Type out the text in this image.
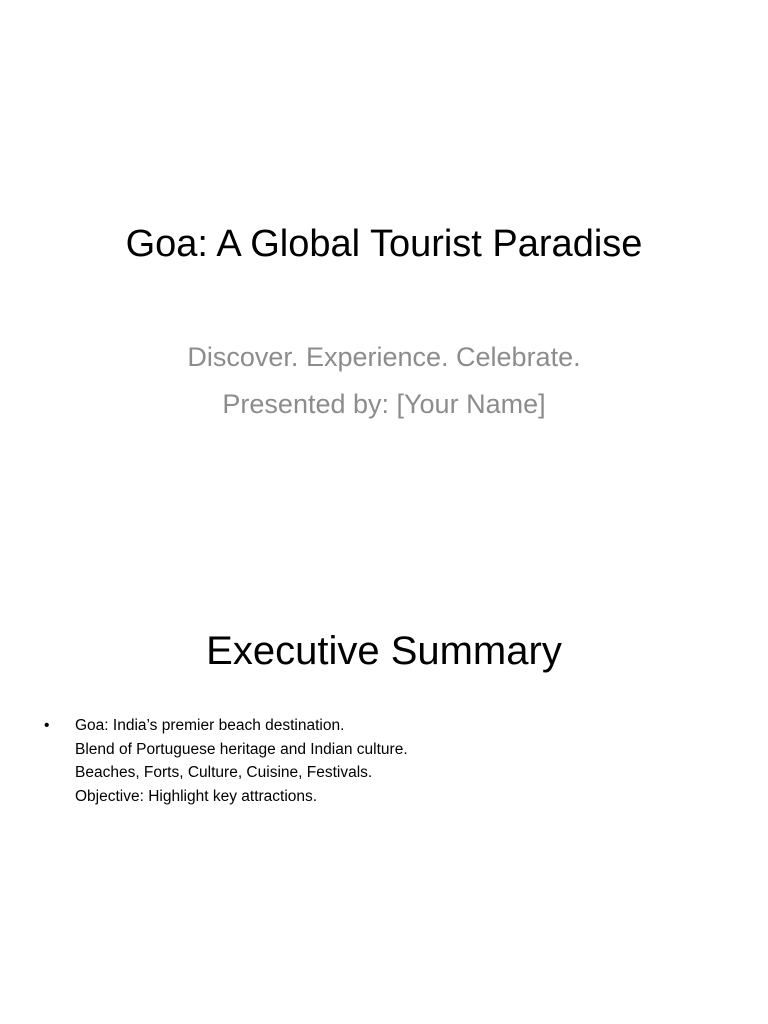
Goa: A Global Tourist Paradise
Discover. Experience. Celebrate.
Presented by: [Your Name]
Executive Summary
•	Goa: India’s premier beach destination.
Blend of Portuguese heritage and Indian culture.
Beaches, Forts, Culture, Cuisine, Festivals.
Objective: Highlight key attractions.
